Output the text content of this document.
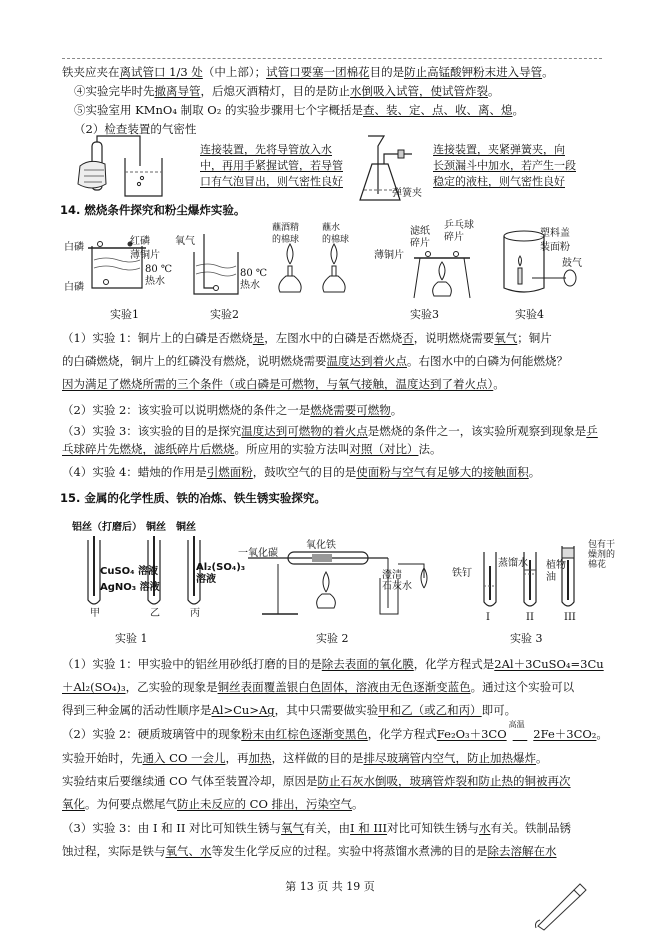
铁夹应夹在离试管口 1/3 处（中上部）；试管口要塞一团棉花目的是防止高锰酸钾粉末进入导管。
④实验完毕时先撤离导管，后熄灭酒精灯，目的是防止水倒吸入试管，使试管炸裂。
⑤实验室用 KMnO₄ 制取 O₂ 的实验步骤用七个字概括是查、装、定、点、收、离、熄。
（2）检查装置的气密性
连接装置，先将导管放入水
中，再用手紧握试管，若导管
口有气泡冒出，则气密性良好
弹簧夹
连接装置，夹紧弹簧夹，向
长颈漏斗中加水，若产生一段
稳定的液柱，则气密性良好
14. 燃烧条件探究和粉尘爆炸实验。
白磷
红磷
薄铜片
80 ℃
热水
白磷
氧气
80 ℃
热水
蘸酒精
的棉球
蘸水
的棉球
滤纸
碎片
乒乓球
碎片
薄铜片
塑料盖
装面粉
鼓气
实验1	实验2	实验3	实验4
（1）实验 1：铜片上的白磷是否燃烧是，左图水中的白磷是否燃烧否，说明燃烧需要氧气；铜片
的白磷燃烧，铜片上的红磷没有燃烧，说明燃烧需要温度达到着火点。右图水中的白磷为何能燃烧？
因为满足了燃烧所需的三个条件（或白磷是可燃物，与氧气接触，温度达到了着火点）。
（2）实验 2：该实验可以说明燃烧的条件之一是燃烧需要可燃物。
（3）实验 3：该实验的目的是探究温度达到可燃物的着火点是燃烧的条件之一，该实验所观察到现象是乒
乓球碎片先燃烧，滤纸碎片后燃烧。所应用的实验方法叫对照（对比）法。
（4）实验 4：蜡烛的作用是引燃面粉，鼓吹空气的目的是使面粉与空气有足够大的接触面积。
15. 金属的化学性质、铁的冶炼、铁生锈实验探究。
铝丝（打磨后） 铜丝 铜丝
CuSO₄ 溶液
AgNO₃ 溶液
Al₂(SO₄)₃
溶液
甲	乙	丙
一氧化碳
氧化铁
澄清
石灰水
铁钉
蒸馏水 植物
油
包有干
燥剂的
棉花
I	II	III
实验 1	实验 2	实验 3
（1）实验 1：甲实验中的铝丝用砂纸打磨的目的是除去表面的氧化膜，化学方程式是2Al＋3CuSO₄=3Cu
＋Al₂(SO₄)₃，乙实验的现象是铜丝表面覆盖银白色固体，溶液由无色逐渐变蓝色。通过这个实验可以
得到三种金属的活动性顺序是Al>Cu>Ag，其中只需要做实验甲和乙（或乙和丙）即可。
（2）实验 2：硬质玻璃管中的现象粉末由红棕色逐渐变黑色，化学方程式Fe₂O₃＋3CO
高温
2Fe＋3CO₂。
实验开始时，先通入 CO 一会儿，再加热，这样做的目的是排尽玻璃管内空气，防止加热爆炸。
实验结束后要继续通 CO 气体至装置冷却，原因是防止石灰水倒吸，玻璃管炸裂和防止热的铜被再次
氧化。为何要点燃尾气防止未反应的 CO 排出，污染空气。
（3）实验 3：由 I 和 II 对比可知铁生锈与氧气有关，由I 和 III对比可知铁生锈与水有关。铁制品锈
蚀过程，实际是铁与氧气、水等发生化学反应的过程。实验中将蒸馏水煮沸的目的是除去溶解在水
第 13 页 共 19 页
